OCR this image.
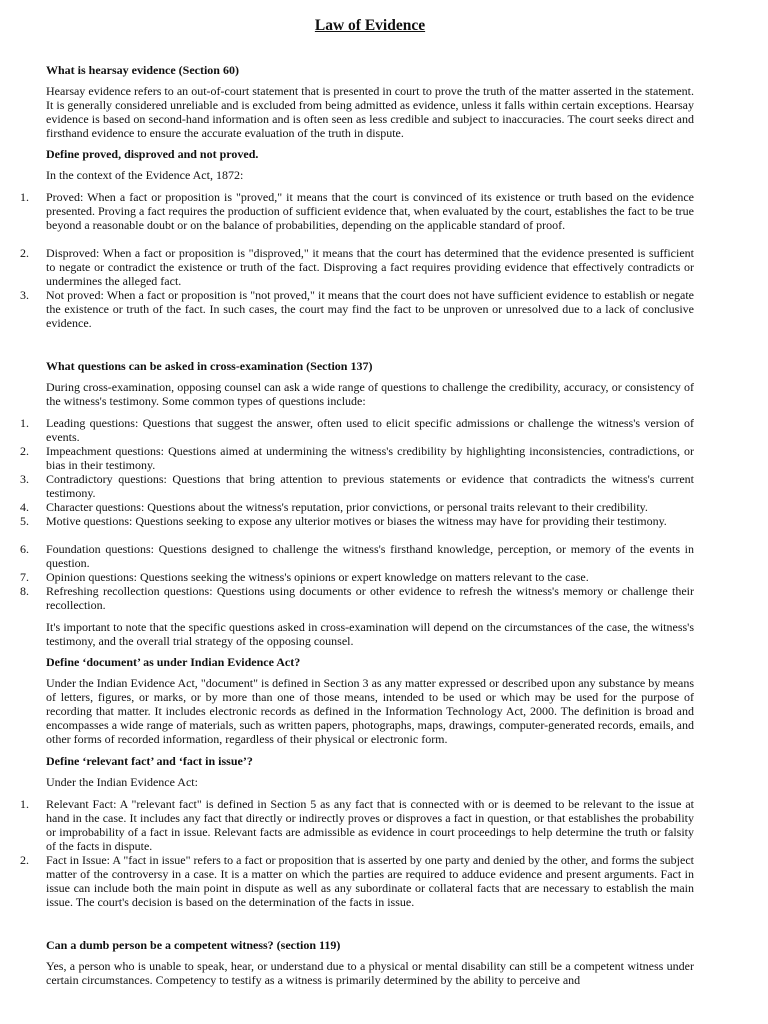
Law of Evidence
What is hearsay evidence (Section 60)
Hearsay evidence refers to an out-of-court statement that is presented in court to prove the truth of the matter asserted in the statement. It is generally considered unreliable and is excluded from being admitted as evidence, unless it falls within certain exceptions. Hearsay evidence is based on second-hand information and is often seen as less credible and subject to inaccuracies. The court seeks direct and firsthand evidence to ensure the accurate evaluation of the truth in dispute.
Define proved, disproved and not proved.
In the context of the Evidence Act, 1872:
1.	Proved: When a fact or proposition is "proved," it means that the court is convinced of its existence or truth based on the evidence presented. Proving a fact requires the production of sufficient evidence that, when evaluated by the court, establishes the fact to be true beyond a reasonable doubt or on the balance of probabilities, depending on the applicable standard of proof.
2.	Disproved: When a fact or proposition is "disproved," it means that the court has determined that the evidence presented is sufficient to negate or contradict the existence or truth of the fact. Disproving a fact requires providing evidence that effectively contradicts or undermines the alleged fact.
3.	Not proved: When a fact or proposition is "not proved," it means that the court does not have sufficient evidence to establish or negate the existence or truth of the fact. In such cases, the court may find the fact to be unproven or unresolved due to a lack of conclusive evidence.
What questions can be asked in cross-examination (Section 137)
During cross-examination, opposing counsel can ask a wide range of questions to challenge the credibility, accuracy, or consistency of the witness's testimony. Some common types of questions include:
1.	Leading questions: Questions that suggest the answer, often used to elicit specific admissions or challenge the witness's version of events.
2.	Impeachment questions: Questions aimed at undermining the witness's credibility by highlighting inconsistencies, contradictions, or bias in their testimony.
3.	Contradictory questions: Questions that bring attention to previous statements or evidence that contradicts the witness's current testimony.
4.	Character questions: Questions about the witness's reputation, prior convictions, or personal traits relevant to their credibility.
5.	Motive questions: Questions seeking to expose any ulterior motives or biases the witness may have for providing their testimony.
6.	Foundation questions: Questions designed to challenge the witness's firsthand knowledge, perception, or memory of the events in question.
7.	Opinion questions: Questions seeking the witness's opinions or expert knowledge on matters relevant to the case.
8.	Refreshing recollection questions: Questions using documents or other evidence to refresh the witness's memory or challenge their recollection.
It's important to note that the specific questions asked in cross-examination will depend on the circumstances of the case, the witness's testimony, and the overall trial strategy of the opposing counsel.
Define ‘document’ as under Indian Evidence Act?
Under the Indian Evidence Act, "document" is defined in Section 3 as any matter expressed or described upon any substance by means of letters, figures, or marks, or by more than one of those means, intended to be used or which may be used for the purpose of recording that matter. It includes electronic records as defined in the Information Technology Act, 2000. The definition is broad and encompasses a wide range of materials, such as written papers, photographs, maps, drawings, computer-generated records, emails, and other forms of recorded information, regardless of their physical or electronic form.
Define ‘relevant fact’ and ‘fact in issue’?
Under the Indian Evidence Act:
1.	Relevant Fact: A "relevant fact" is defined in Section 5 as any fact that is connected with or is deemed to be relevant to the issue at hand in the case. It includes any fact that directly or indirectly proves or disproves a fact in question, or that establishes the probability or improbability of a fact in issue. Relevant facts are admissible as evidence in court proceedings to help determine the truth or falsity of the facts in dispute.
2.	Fact in Issue: A "fact in issue" refers to a fact or proposition that is asserted by one party and denied by the other, and forms the subject matter of the controversy in a case. It is a matter on which the parties are required to adduce evidence and present arguments. Fact in issue can include both the main point in dispute as well as any subordinate or collateral facts that are necessary to establish the main issue. The court's decision is based on the determination of the facts in issue.
Can a dumb person be a competent witness? (section 119)
Yes, a person who is unable to speak, hear, or understand due to a physical or mental disability can still be a competent witness under certain circumstances. Competency to testify as a witness is primarily determined by the ability to perceive and
